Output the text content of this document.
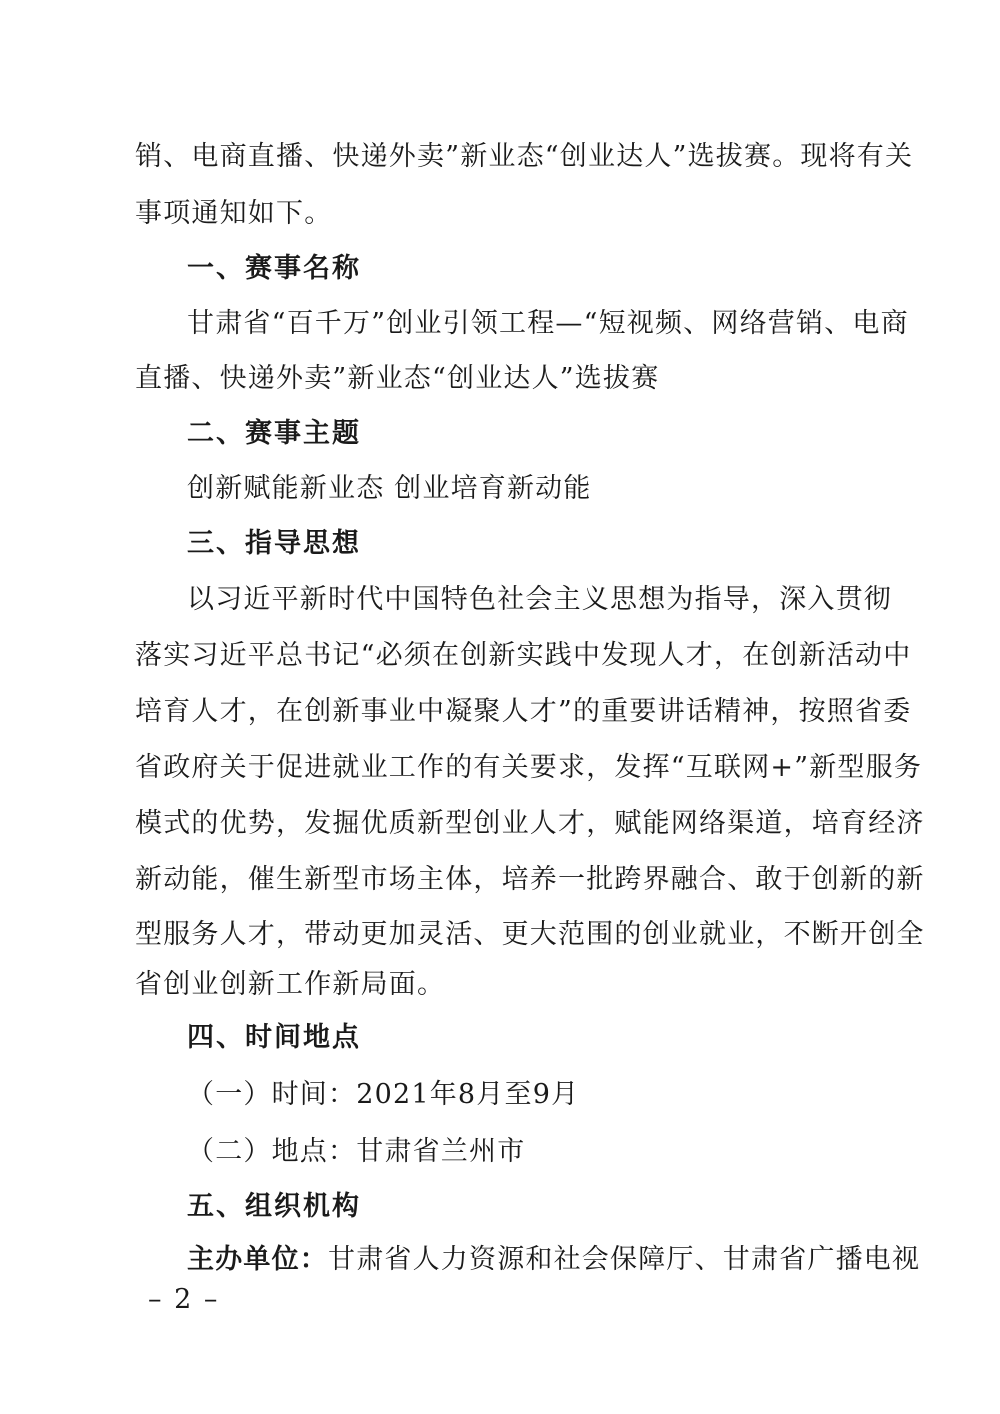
销、电商直播、快递外卖”新业态“创业达人”选拔赛。现将有关
事项通知如下。
一、赛事名称
甘肃省“百千万”创业引领工程—“短视频、网络营销、电商
直播、快递外卖”新业态“创业达人”选拔赛
二、赛事主题
创新赋能新业态 创业培育新动能
三、指导思想
以习近平新时代中国特色社会主义思想为指导，深入贯彻
落实习近平总书记“必须在创新实践中发现人才，在创新活动中
培育人才，在创新事业中凝聚人才”的重要讲话精神，按照省委
省政府关于促进就业工作的有关要求，发挥“互联网+”新型服务
模式的优势，发掘优质新型创业人才，赋能网络渠道，培育经济
新动能，催生新型市场主体，培养一批跨界融合、敢于创新的新
型服务人才，带动更加灵活、更大范围的创业就业，不断开创全
省创业创新工作新局面。
四、时间地点
（一）时间：2021年8月至9月
（二）地点：甘肃省兰州市
五、组织机构
主办单位：甘肃省人力资源和社会保障厅、甘肃省广播电视
– 2 –
